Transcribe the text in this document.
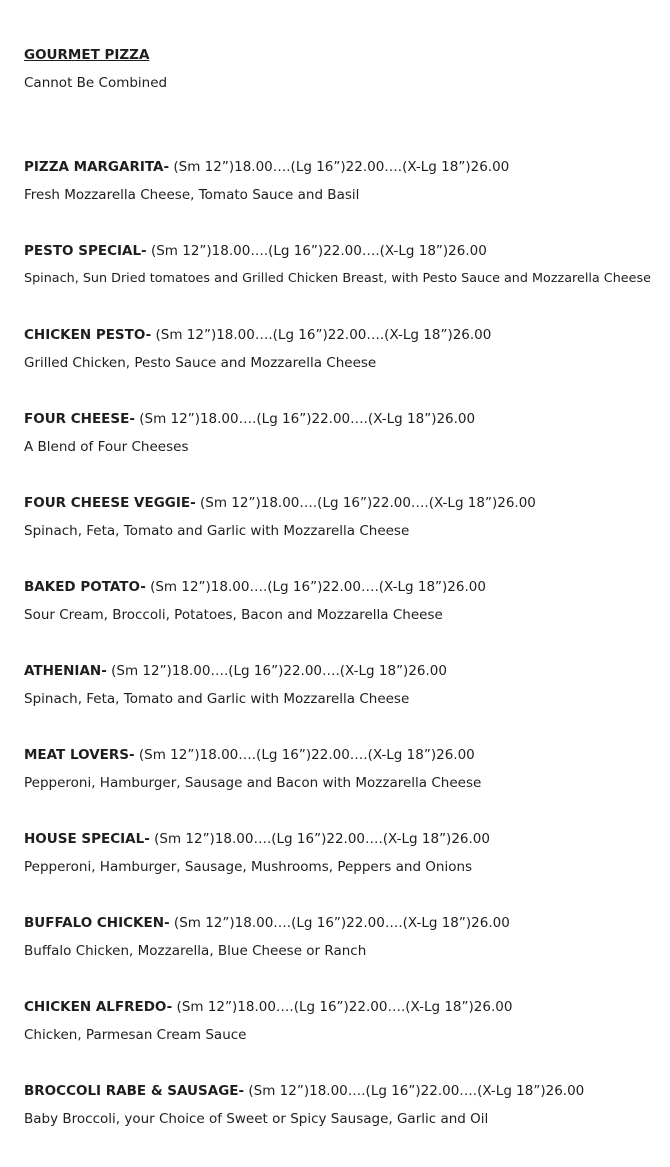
GOURMET PIZZA
Cannot Be Combined
PIZZA MARGARITA- (Sm 12”)18.00….(Lg 16”)22.00….(X-Lg 18”)26.00
Fresh Mozzarella Cheese, Tomato Sauce and Basil
PESTO SPECIAL- (Sm 12”)18.00….(Lg 16”)22.00….(X-Lg 18”)26.00
Spinach, Sun Dried tomatoes and Grilled Chicken Breast, with Pesto Sauce and Mozzarella Cheese
CHICKEN PESTO- (Sm 12”)18.00….(Lg 16”)22.00….(X-Lg 18”)26.00
Grilled Chicken, Pesto Sauce and Mozzarella Cheese
FOUR CHEESE- (Sm 12”)18.00….(Lg 16”)22.00….(X-Lg 18”)26.00
A Blend of Four Cheeses
FOUR CHEESE VEGGIE- (Sm 12”)18.00….(Lg 16”)22.00….(X-Lg 18”)26.00
Spinach, Feta, Tomato and Garlic with Mozzarella Cheese
BAKED POTATO- (Sm 12”)18.00….(Lg 16”)22.00….(X-Lg 18”)26.00
Sour Cream, Broccoli, Potatoes, Bacon and Mozzarella Cheese
ATHENIAN- (Sm 12”)18.00….(Lg 16”)22.00….(X-Lg 18”)26.00
Spinach, Feta, Tomato and Garlic with Mozzarella Cheese
MEAT LOVERS- (Sm 12”)18.00….(Lg 16”)22.00….(X-Lg 18”)26.00
Pepperoni, Hamburger, Sausage and Bacon with Mozzarella Cheese
HOUSE SPECIAL- (Sm 12”)18.00….(Lg 16”)22.00….(X-Lg 18”)26.00
Pepperoni, Hamburger, Sausage, Mushrooms, Peppers and Onions
BUFFALO CHICKEN- (Sm 12”)18.00….(Lg 16”)22.00….(X-Lg 18”)26.00
Buffalo Chicken, Mozzarella, Blue Cheese or Ranch
CHICKEN ALFREDO- (Sm 12”)18.00….(Lg 16”)22.00….(X-Lg 18”)26.00
Chicken, Parmesan Cream Sauce
BROCCOLI RABE & SAUSAGE- (Sm 12”)18.00….(Lg 16”)22.00….(X-Lg 18”)26.00
Baby Broccoli, your Choice of Sweet or Spicy Sausage, Garlic and Oil
